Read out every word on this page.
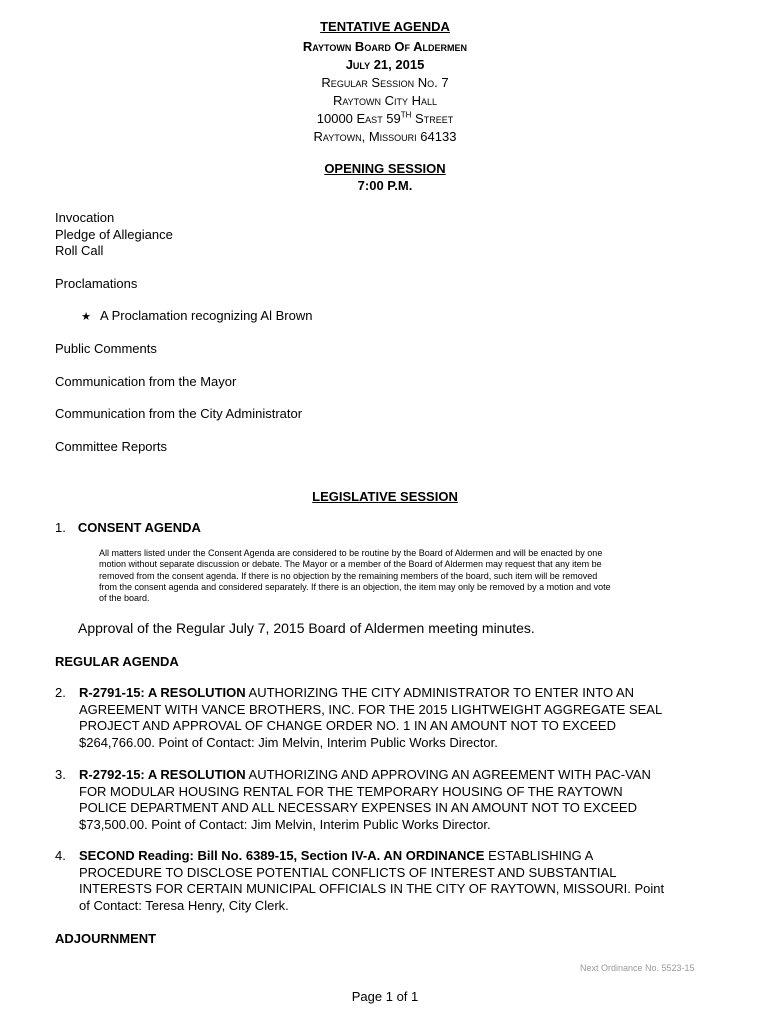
TENTATIVE AGENDA
Raytown Board Of Aldermen
July 21, 2015
Regular Session No. 7
Raytown City Hall
10000 East 59TH Street
Raytown, Missouri 64133
OPENING SESSION
7:00 P.M.
Invocation
Pledge of Allegiance
Roll Call
Proclamations
★ A Proclamation recognizing Al Brown
Public Comments
Communication from the Mayor
Communication from the City Administrator
Committee Reports
LEGISLATIVE SESSION
1. CONSENT AGENDA
All matters listed under the Consent Agenda are considered to be routine by the Board of Aldermen and will be enacted by one
motion without separate discussion or debate. The Mayor or a member of the Board of Aldermen may request that any item be
removed from the consent agenda. If there is no objection by the remaining members of the board, such item will be removed
from the consent agenda and considered separately. If there is an objection, the item may only be removed by a motion and vote
of the board.
Approval of the Regular July 7, 2015 Board of Aldermen meeting minutes.
REGULAR AGENDA
2.	R-2791-15: A RESOLUTION AUTHORIZING THE CITY ADMINISTRATOR TO ENTER INTO AN
AGREEMENT WITH VANCE BROTHERS, INC. FOR THE 2015 LIGHTWEIGHT AGGREGATE SEAL
PROJECT AND APPROVAL OF CHANGE ORDER NO. 1 IN AN AMOUNT NOT TO EXCEED
$264,766.00. Point of Contact: Jim Melvin, Interim Public Works Director.
3.	R-2792-15: A RESOLUTION AUTHORIZING AND APPROVING AN AGREEMENT WITH PAC-VAN
FOR MODULAR HOUSING RENTAL FOR THE TEMPORARY HOUSING OF THE RAYTOWN
POLICE DEPARTMENT AND ALL NECESSARY EXPENSES IN AN AMOUNT NOT TO EXCEED
$73,500.00. Point of Contact: Jim Melvin, Interim Public Works Director.
4.	SECOND Reading: Bill No. 6389-15, Section IV-A. AN ORDINANCE ESTABLISHING A
PROCEDURE TO DISCLOSE POTENTIAL CONFLICTS OF INTEREST AND SUBSTANTIAL
INTERESTS FOR CERTAIN MUNICIPAL OFFICIALS IN THE CITY OF RAYTOWN, MISSOURI. Point
of Contact: Teresa Henry, City Clerk.
ADJOURNMENT
Next Ordinance No. 5523-15
Page 1 of 1
